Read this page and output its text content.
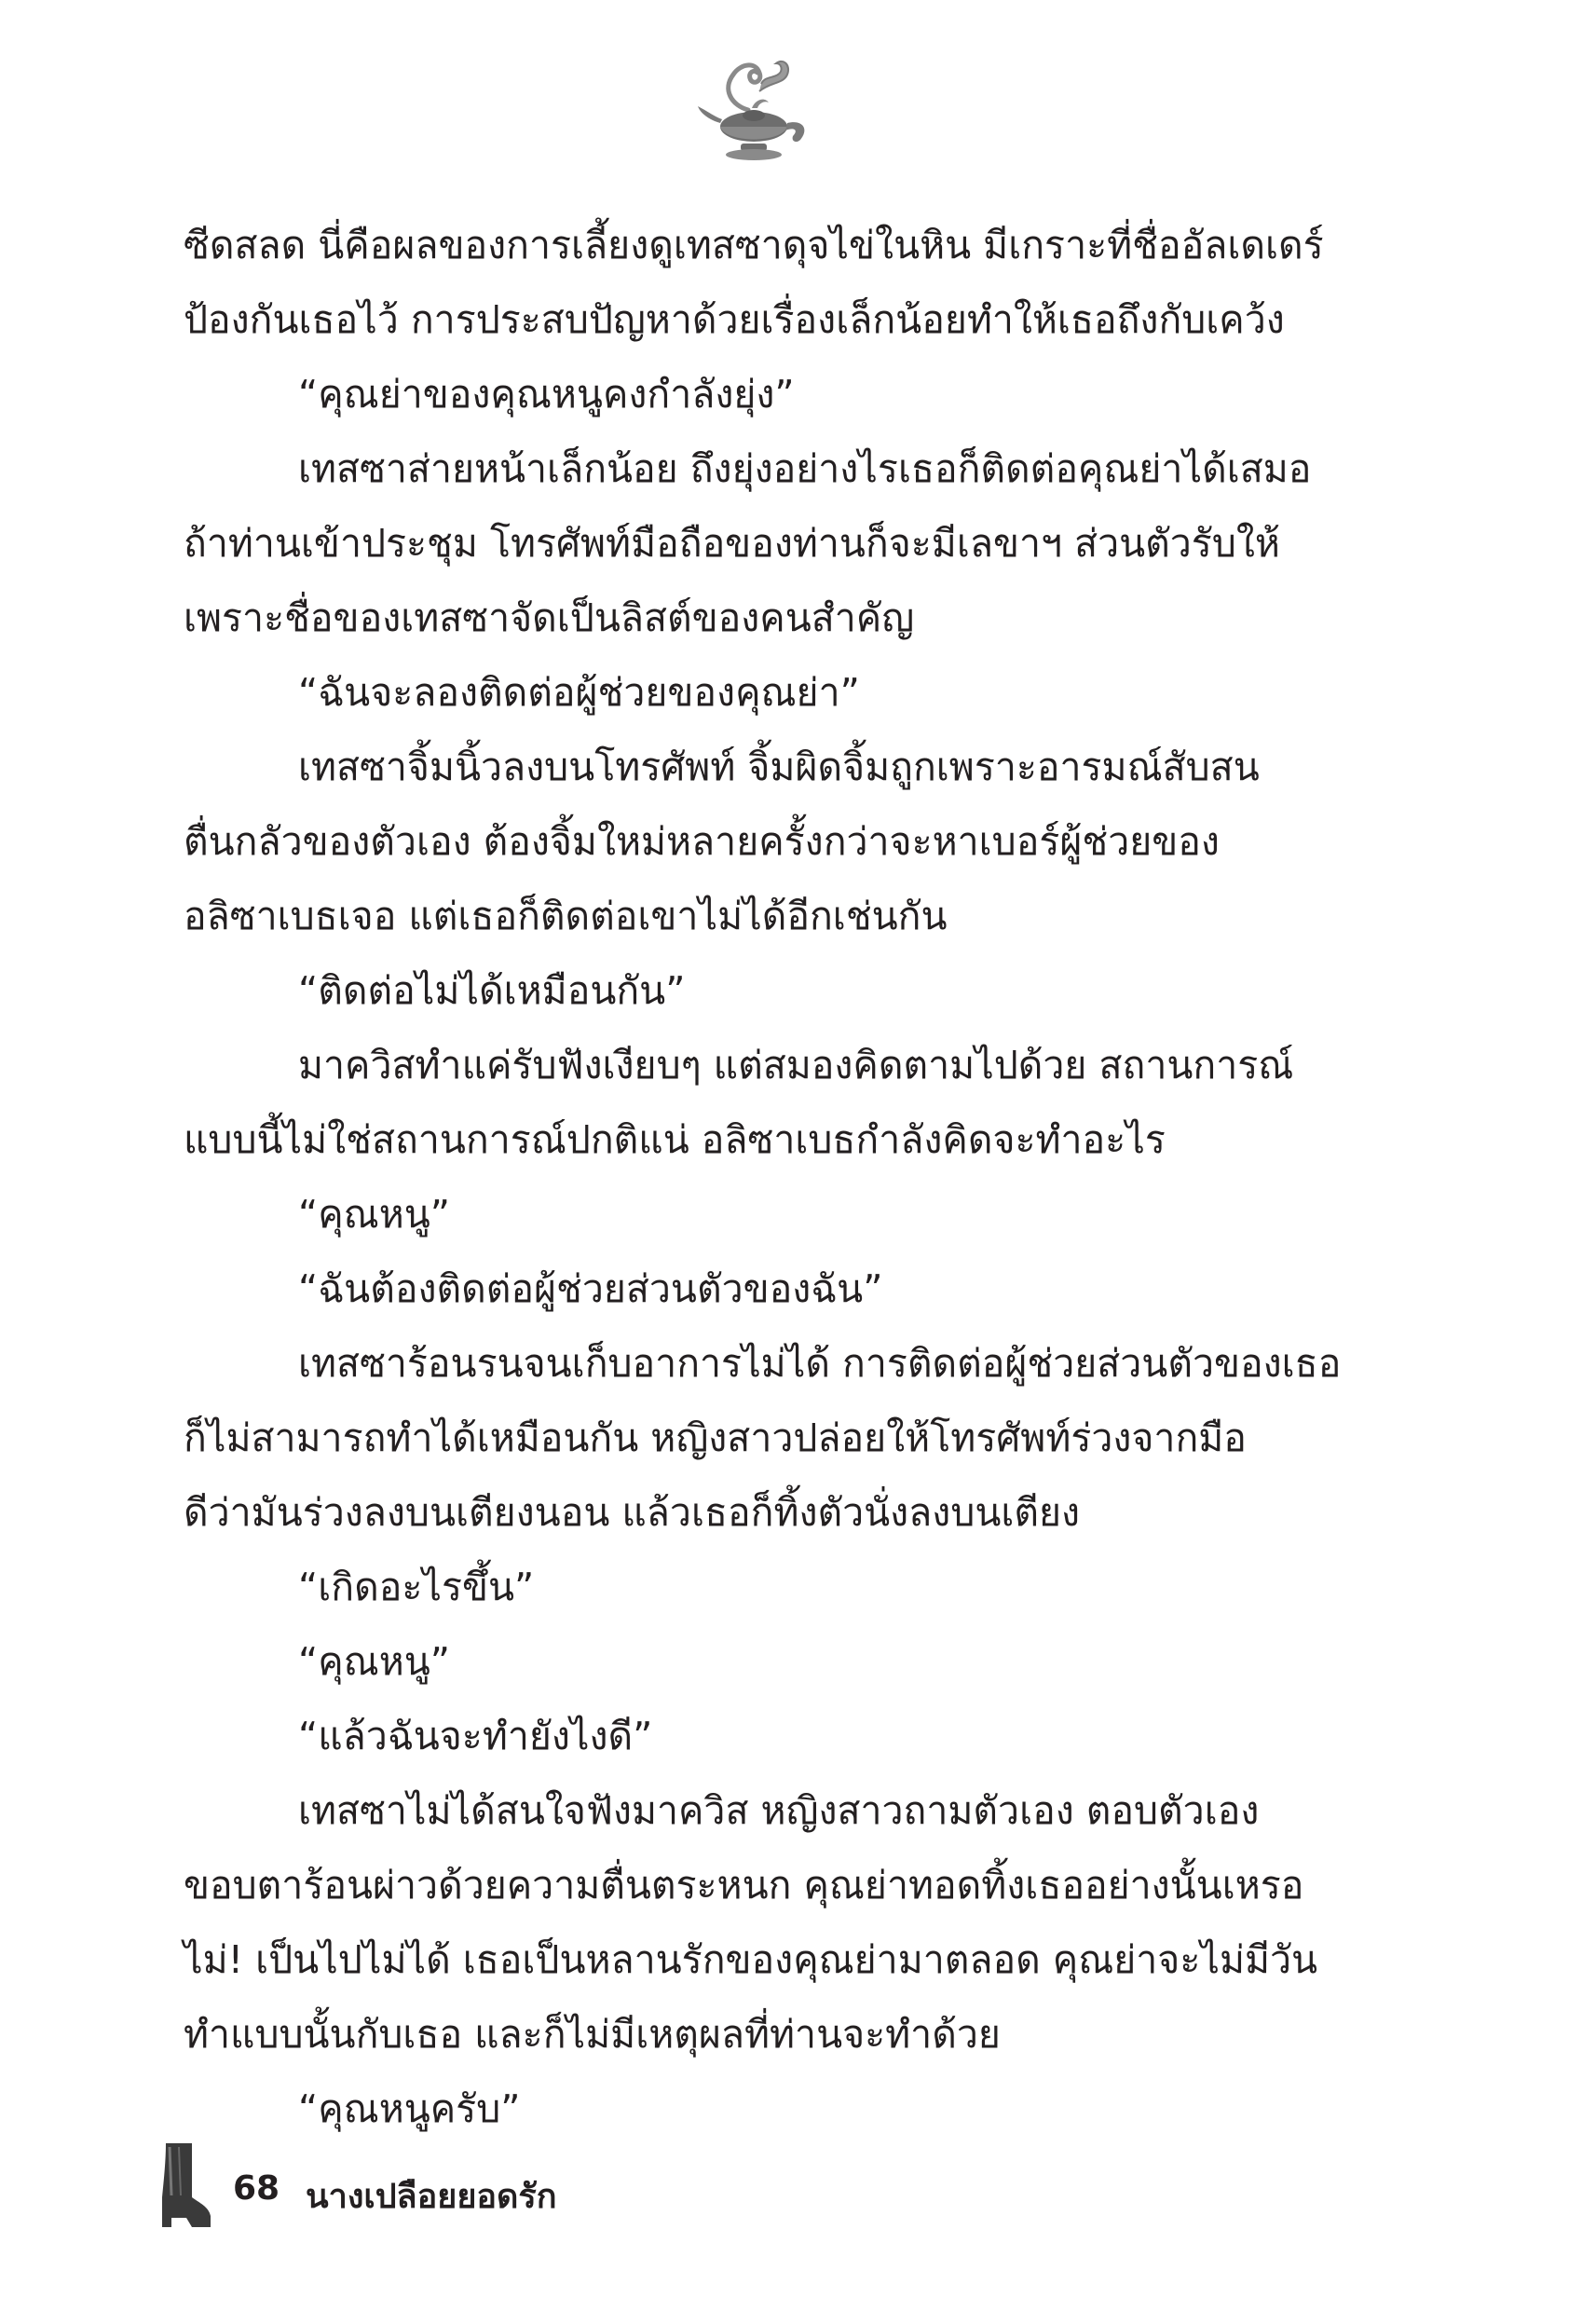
ซีดสลด นี่คือผลของการเลี้ยงดูเทสซาดุจไข่ในหิน มีเกราะที่ชื่ออัลเดเดร์
ป้องกันเธอไว้ การประสบปัญหาด้วยเรื่องเล็กน้อยทำให้เธอถึงกับเคว้ง
“คุณย่าของคุณหนูคงกำลังยุ่ง”
เทสซาส่ายหน้าเล็กน้อย ถึงยุ่งอย่างไรเธอก็ติดต่อคุณย่าได้เสมอ
ถ้าท่านเข้าประชุม โทรศัพท์มือถือของท่านก็จะมีเลขาฯ ส่วนตัวรับให้
เพราะชื่อของเทสซาจัดเป็นลิสต์ของคนสำคัญ
“ฉันจะลองติดต่อผู้ช่วยของคุณย่า”
เทสซาจิ้มนิ้วลงบนโทรศัพท์ จิ้มผิดจิ้มถูกเพราะอารมณ์สับสน
ตื่นกลัวของตัวเอง ต้องจิ้มใหม่หลายครั้งกว่าจะหาเบอร์ผู้ช่วยของ
อลิซาเบธเจอ แต่เธอก็ติดต่อเขาไม่ได้อีกเช่นกัน
“ติดต่อไม่ได้เหมือนกัน”
มาควิสทำแค่รับฟังเงียบๆ แต่สมองคิดตามไปด้วย สถานการณ์
แบบนี้ไม่ใช่สถานการณ์ปกติแน่ อลิซาเบธกำลังคิดจะทำอะไร
“คุณหนู”
“ฉันต้องติดต่อผู้ช่วยส่วนตัวของฉัน”
เทสซาร้อนรนจนเก็บอาการไม่ได้ การติดต่อผู้ช่วยส่วนตัวของเธอ
ก็ไม่สามารถทำได้เหมือนกัน หญิงสาวปล่อยให้โทรศัพท์ร่วงจากมือ
ดีว่ามันร่วงลงบนเตียงนอน แล้วเธอก็ทิ้งตัวนั่งลงบนเตียง
“เกิดอะไรขึ้น”
“คุณหนู”
“แล้วฉันจะทำยังไงดี”
เทสซาไม่ได้สนใจฟังมาควิส หญิงสาวถามตัวเอง ตอบตัวเอง
ขอบตาร้อนผ่าวด้วยความตื่นตระหนก คุณย่าทอดทิ้งเธออย่างนั้นเหรอ
ไม่! เป็นไปไม่ได้ เธอเป็นหลานรักของคุณย่ามาตลอด คุณย่าจะไม่มีวัน
ทำแบบนั้นกับเธอ และก็ไม่มีเหตุผลที่ท่านจะทำด้วย
“คุณหนูครับ”
68 นางเปลือยยอดรัก
